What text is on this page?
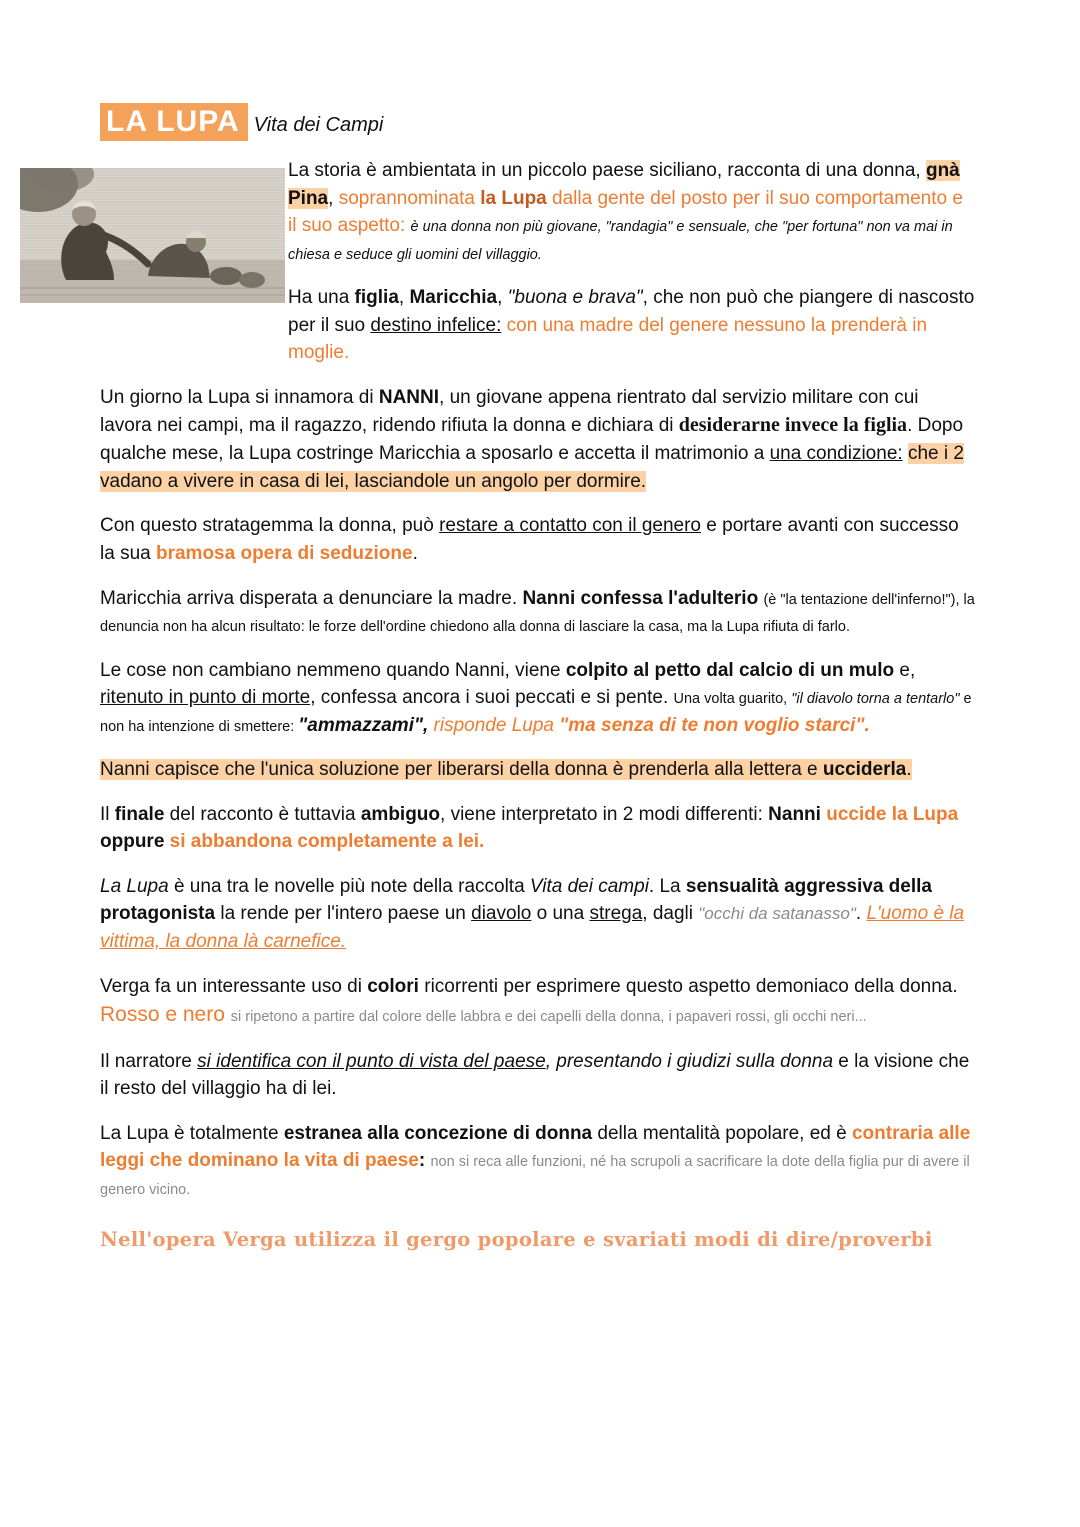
LA LUPA Vita dei Campi

La storia è ambientata in un piccolo paese siciliano, racconta di una donna, gnà Pina, soprannominata la Lupa dalla gente del posto per il suo comportamento e il suo aspetto: è una donna non più giovane, "randagia" e sensuale, che "per fortuna" non va mai in chiesa e seduce gli uomini del villaggio.

Ha una figlia, Maricchia, "buona e brava", che non può che piangere di nascosto per il suo destino infelice: con una madre del genere nessuno la prenderà in moglie.

Un giorno la Lupa si innamora di NANNI, un giovane appena rientrato dal servizio militare con cui lavora nei campi, ma il ragazzo, ridendo rifiuta la donna e dichiara di desiderarne invece la figlia. Dopo qualche mese, la Lupa costringe Maricchia a sposarlo e accetta il matrimonio a una condizione: che i 2 vadano a vivere in casa di lei, lasciandole un angolo per dormire.

Con questo stratagemma la donna, può restare a contatto con il genero e portare avanti con successo la sua bramosa opera di seduzione.

Maricchia arriva disperata a denunciare la madre. Nanni confessa l'adulterio (è "la tentazione dell'inferno!"), la denuncia non ha alcun risultato: le forze dell'ordine chiedono alla donna di lasciare la casa, ma la Lupa rifiuta di farlo.

Le cose non cambiano nemmeno quando Nanni, viene colpito al petto dal calcio di un mulo e, ritenuto in punto di morte, confessa ancora i suoi peccati e si pente. Una volta guarito, "il diavolo torna a tentarlo" e non ha intenzione di smettere: "ammazzami", risponde Lupa "ma senza di te non voglio starci".

Nanni capisce che l'unica soluzione per liberarsi della donna è prenderla alla lettera e ucciderla.

Il finale del racconto è tuttavia ambiguo, viene interpretato in 2 modi differenti: Nanni uccide la Lupa oppure si abbandona completamente a lei.

La Lupa è una tra le novelle più note della raccolta Vita dei campi. La sensualità aggressiva della protagonista la rende per l'intero paese un diavolo o una strega, dagli "occhi da satanasso". L'uomo è la vittima, la donna là carnefice.

Verga fa un interessante uso di colori ricorrenti per esprimere questo aspetto demoniaco della donna. Rosso e nero si ripetono a partire dal colore delle labbra e dei capelli della donna, i papaveri rossi, gli occhi neri...

Il narratore si identifica con il punto di vista del paese, presentando i giudizi sulla donna e la visione che il resto del villaggio ha di lei.

La Lupa è totalmente estranea alla concezione di donna della mentalità popolare, ed è contraria alle leggi che dominano la vita di paese: non si reca alle funzioni, né ha scrupoli a sacrificare la dote della figlia pur di avere il genero vicino.

Nell'opera Verga utilizza il gergo popolare e svariati modi di dire/proverbi
